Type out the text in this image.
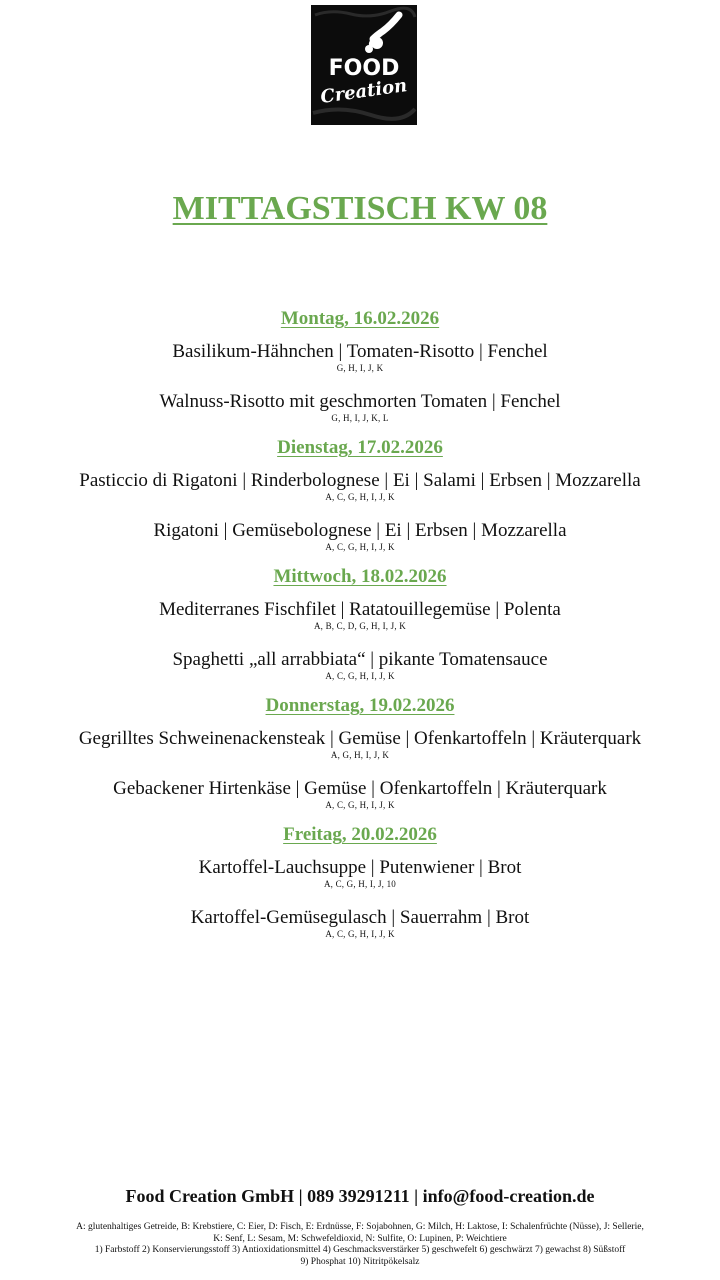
FOOD
Creation
MITTAGSTISCH KW 08
Montag, 16.02.2026
Basilikum-Hähnchen | Tomaten-Risotto | Fenchel
G, H, I, J, K
Walnuss-Risotto mit geschmorten Tomaten | Fenchel
G, H, I, J, K, L
Dienstag, 17.02.2026
Pasticcio di Rigatoni | Rinderbolognese | Ei | Salami | Erbsen | Mozzarella
A, C, G, H, I, J, K
Rigatoni | Gemüsebolognese | Ei | Erbsen | Mozzarella
A, C, G, H, I, J, K
Mittwoch, 18.02.2026
Mediterranes Fischfilet | Ratatouillegemüse | Polenta
A, B, C, D, G, H, I, J, K
Spaghetti „all arrabbiata“ | pikante Tomatensauce
A, C, G, H, I, J, K
Donnerstag, 19.02.2026
Gegrilltes Schweinenackensteak | Gemüse | Ofenkartoffeln | Kräuterquark
A, G, H, I, J, K
Gebackener Hirtenkäse | Gemüse | Ofenkartoffeln | Kräuterquark
A, C, G, H, I, J, K
Freitag, 20.02.2026
Kartoffel-Lauchsuppe | Putenwiener | Brot
A, C, G, H, I, J, 10
Kartoffel-Gemüsegulasch | Sauerrahm | Brot
A, C, G, H, I, J, K
Food Creation GmbH | 089 39291211 | info@food-creation.de
A: glutenhaltiges Getreide, B: Krebstiere, C: Eier, D: Fisch, E: Erdnüsse, F: Sojabohnen, G: Milch, H: Laktose, I: Schalenfrüchte (Nüsse), J: Sellerie,
K: Senf, L: Sesam, M: Schwefeldioxid, N: Sulfite, O: Lupinen, P: Weichtiere
1) Farbstoff 2) Konservierungsstoff 3) Antioxidationsmittel 4) Geschmacksverstärker 5) geschwefelt 6) geschwärzt 7) gewachst 8) Süßstoff
9) Phosphat 10) Nitritpökelsalz
